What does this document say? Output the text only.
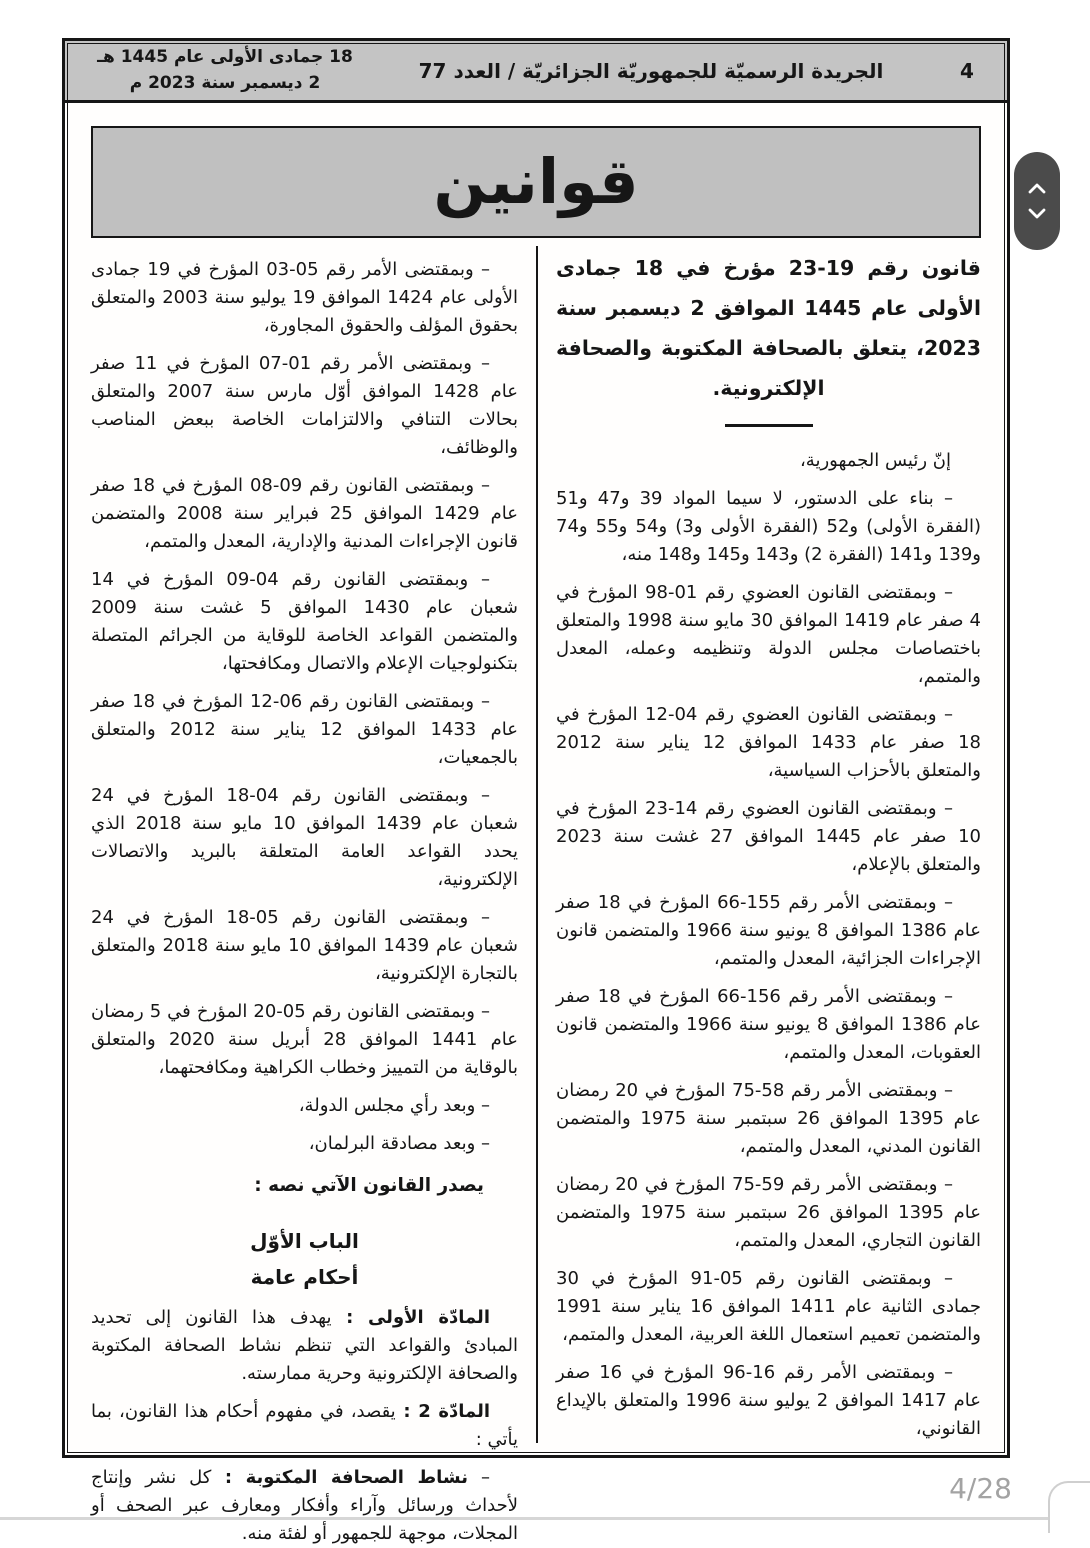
4
الجريدة الرسميّة للجمهوريّة الجزائريّة / العدد 77
18 جمادى الأولى عام 1445 هـ
2 ديسمبر سنة 2023 م
قوانين

قانون رقم 19-23 مؤرخ في 18 جمادى الأولى عام 1445 الموافق 2 ديسمبر سنة 2023، يتعلق بالصحافة المكتوبة والصحافة الإلكترونية.

إنّ رئيس الجمهورية،

– بناء على الدستور، لا سيما المواد 39 و47 و51 (الفقرة الأولى) و52 (الفقرة الأولى و3) و54 و55 و74 و139 و141 (الفقرة 2) و143 و145 و148 منه،

– وبمقتضى القانون العضوي رقم 01-98 المؤرخ في 4 صفر عام 1419 الموافق 30 مايو سنة 1998 والمتعلق باختصاصات مجلس الدولة وتنظيمه وعمله، المعدل والمتمم،

– وبمقتضى القانون العضوي رقم 04-12 المؤرخ في 18 صفر عام 1433 الموافق 12 يناير سنة 2012 والمتعلق بالأحزاب السياسية،

– وبمقتضى القانون العضوي رقم 14-23 المؤرخ في 10 صفر عام 1445 الموافق 27 غشت سنة 2023 والمتعلق بالإعلام،

– وبمقتضى الأمر رقم 155-66 المؤرخ في 18 صفر عام 1386 الموافق 8 يونيو سنة 1966 والمتضمن قانون الإجراءات الجزائية، المعدل والمتمم،

– وبمقتضى الأمر رقم 156-66 المؤرخ في 18 صفر عام 1386 الموافق 8 يونيو سنة 1966 والمتضمن قانون العقوبات، المعدل والمتمم،

– وبمقتضى الأمر رقم 58-75 المؤرخ في 20 رمضان عام 1395 الموافق 26 سبتمبر سنة 1975 والمتضمن القانون المدني، المعدل والمتمم،

– وبمقتضى الأمر رقم 59-75 المؤرخ في 20 رمضان عام 1395 الموافق 26 سبتمبر سنة 1975 والمتضمن القانون التجاري، المعدل والمتمم،

– وبمقتضى القانون رقم 05-91 المؤرخ في 30 جمادى الثانية عام 1411 الموافق 16 يناير سنة 1991 والمتضمن تعميم استعمال اللغة العربية، المعدل والمتمم،

– وبمقتضى الأمر رقم 16-96 المؤرخ في 16 صفر عام 1417 الموافق 2 يوليو سنة 1996 والمتعلق بالإيداع القانوني،

– وبمقتضى الأمر رقم 05-03 المؤرخ في 19 جمادى الأولى عام 1424 الموافق 19 يوليو سنة 2003 والمتعلق بحقوق المؤلف والحقوق المجاورة،

– وبمقتضى الأمر رقم 01-07 المؤرخ في 11 صفر عام 1428 الموافق أوّل مارس سنة 2007 والمتعلق بحالات التنافي والالتزامات الخاصة ببعض المناصب والوظائف،

– وبمقتضى القانون رقم 09-08 المؤرخ في 18 صفر عام 1429 الموافق 25 فبراير سنة 2008 والمتضمن قانون الإجراءات المدنية والإدارية، المعدل والمتمم،

– وبمقتضى القانون رقم 04-09 المؤرخ في 14 شعبان عام 1430 الموافق 5 غشت سنة 2009 والمتضمن القواعد الخاصة للوقاية من الجرائم المتصلة بتكنولوجيات الإعلام والاتصال ومكافحتها،

– وبمقتضى القانون رقم 06-12 المؤرخ في 18 صفر عام 1433 الموافق 12 يناير سنة 2012 والمتعلق بالجمعيات،

– وبمقتضى القانون رقم 04-18 المؤرخ في 24 شعبان عام 1439 الموافق 10 مايو سنة 2018 الذي يحدد القواعد العامة المتعلقة بالبريد والاتصالات الإلكترونية،

– وبمقتضى القانون رقم 05-18 المؤرخ في 24 شعبان عام 1439 الموافق 10 مايو سنة 2018 والمتعلق بالتجارة الإلكترونية،

– وبمقتضى القانون رقم 05-20 المؤرخ في 5 رمضان عام 1441 الموافق 28 أبريل سنة 2020 والمتعلق بالوقاية من التمييز وخطاب الكراهية ومكافحتهما،

– وبعد رأي مجلس الدولة،

– وبعد مصادقة البرلمان،

يصدر القانون الآتي نصه :

الباب الأوّل

أحكام عامة

المادّة الأولى : يهدف هذا القانون إلى تحديد المبادئ والقواعد التي تنظم نشاط الصحافة المكتوبة والصحافة الإلكترونية وحرية ممارسته.

المادّة 2 : يقصد، في مفهوم أحكام هذا القانون، بما يأتي :

– نشاط الصحافة المكتوبة : كل نشر وإنتاج لأحداث ورسائل وآراء وأفكار ومعارف عبر الصحف أو المجلات، موجهة للجمهور أو لفئة منه.

4/28
